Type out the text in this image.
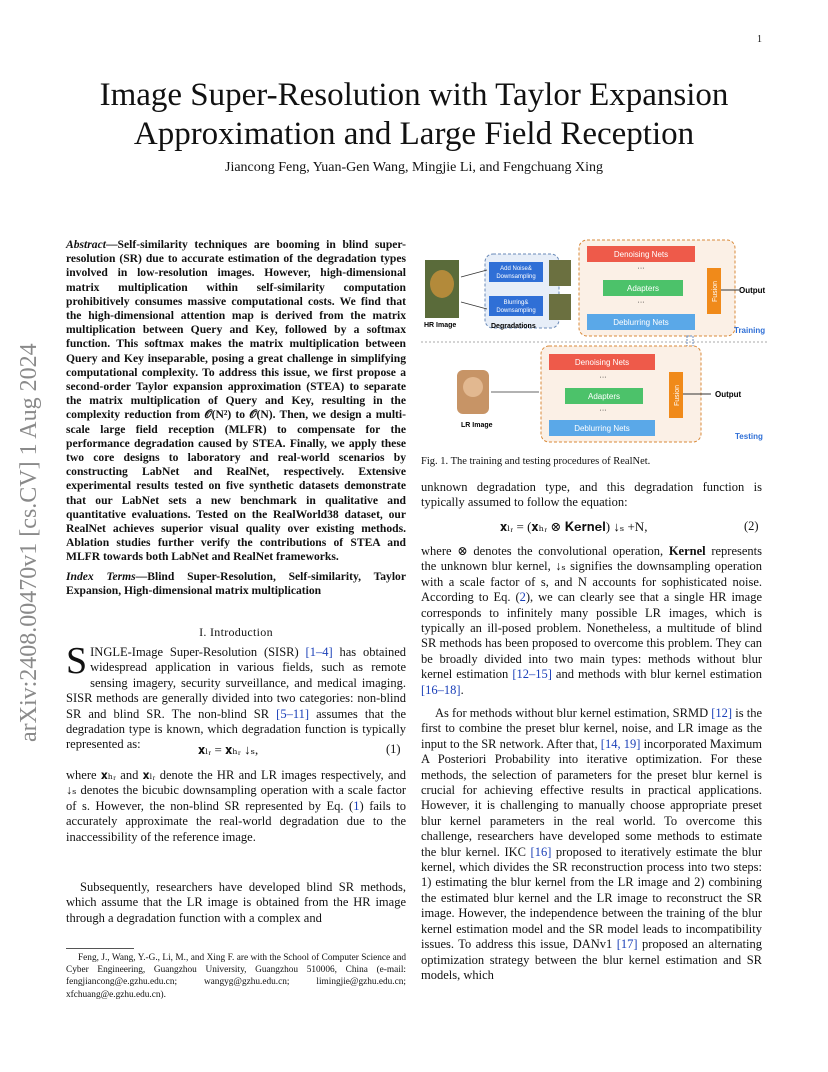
1
arXiv:2408.00470v1 [cs.CV] 1 Aug 2024
Image Super-Resolution with Taylor Expansion
Approximation and Large Field Reception
Jiancong Feng, Yuan-Gen Wang, Mingjie Li, and Fengchuang Xing
Abstract—Self-similarity techniques are booming in blind super-resolution (SR) due to accurate estimation of the degradation types involved in low-resolution images. However, high-dimensional matrix multiplication within self-similarity computation prohibitively consumes massive computational costs. We find that the high-dimensional attention map is derived from the matrix multiplication between Query and Key, followed by a softmax function. This softmax makes the matrix multiplication between Query and Key inseparable, posing a great challenge in simplifying computational complexity. To address this issue, we first propose a second-order Taylor expansion approximation (STEA) to separate the matrix multiplication of Query and Key, resulting in the complexity reduction from 𝒪(N²) to 𝒪(N). Then, we design a multi-scale large field reception (MLFR) to compensate for the performance degradation caused by STEA. Finally, we apply these two core designs to laboratory and real-world scenarios by constructing LabNet and RealNet, respectively. Extensive experimental results tested on five synthetic datasets demonstrate that our LabNet sets a new benchmark in qualitative and quantitative evaluations. Tested on the RealWorld38 dataset, our RealNet achieves superior visual quality over existing methods. Ablation studies further verify the contributions of STEA and MLFR towards both LabNet and RealNet frameworks.
Index Terms—Blind Super-Resolution, Self-similarity, Taylor Expansion, High-dimensional matrix multiplication
I. Introduction
SINGLE-Image Super-Resolution (SISR) [1–4] has obtained widespread application in various fields, such as remote sensing imagery, security surveillance, and medical imaging. SISR methods are generally divided into two categories: non-blind SR and blind SR. The non-blind SR [5–11] assumes that the degradation type is known, which degradation function is typically represented as:	𝐱ₗᵣ = 𝐱ₕᵣ ↓ₛ,	(1)
where 𝐱ₕᵣ and 𝐱ₗᵣ denote the HR and LR images respectively, and ↓ₛ denotes the bicubic downsampling operation with a scale factor of s. However, the non-blind SR represented by Eq. (1) fails to accurately approximate the real-world degradation due to the inaccessibility of the reference image.
Subsequently, researchers have developed blind SR methods, which assume that the LR image is obtained from the HR image through a degradation function with a complex and
Feng, J., Wang, Y.-G., Li, M., and Xing F. are with the School of Computer Science and Cyber Engineering, Guangzhou University, Guangzhou 510006, China (e-mail: fengjiancong@e.gzhu.edu.cn; wangyg@gzhu.edu.cn; limingjie@gzhu.edu.cn; xfchuang@e.gzhu.edu.cn).
Degradations
HR Image
Add Noise&
Downsampling
Blurring&
Downsampling
Denoising Nets
···
Adapters
···
Deblurring Nets
Fusion	Output
Training
LR Image
Denoising Nets
···
Adapters
···
Deblurring Nets
Fusion	Output
Testing
Fig. 1. The training and testing procedures of RealNet.
unknown degradation type, and this degradation function is typically assumed to follow the equation:
𝐱ₗᵣ = (𝐱ₕᵣ ⊗ 𝐊𝐞𝐫𝐧𝐞𝐥) ↓ₛ +N,	(2)
where ⊗ denotes the convolutional operation, Kernel represents the unknown blur kernel, ↓ₛ signifies the downsampling operation with a scale factor of s, and N accounts for sophisticated noise. According to Eq. (2), we can clearly see that a single HR image corresponds to infinitely many possible LR images, which is typically an ill-posed problem. Nonetheless, a multitude of blind SR methods has been proposed to overcome this problem. They can be broadly divided into two main types: methods without blur kernel estimation [12–15] and methods with blur kernel estimation [16–18].
As for methods without blur kernel estimation, SRMD [12] is the first to combine the preset blur kernel, noise, and LR image as the input to the SR network. After that, [14, 19] incorporated Maximum A Posteriori Probability into iterative optimization. For these methods, the selection of parameters for the preset blur kernel is crucial for achieving effective results in practical applications. However, it is challenging to manually choose appropriate preset blur kernel parameters in the real world. To overcome this challenge, researchers have developed some methods to estimate the blur kernel. IKC [16] proposed to iteratively estimate the blur kernel, which divides the SR reconstruction process into two steps: 1) estimating the blur kernel from the LR image and 2) combining the estimated blur kernel and the LR image to reconstruct the SR image. However, the independence between the training of the blur kernel estimation model and the SR model leads to incompatibility issues. To address this issue, DANv1 [17] proposed an alternating optimization strategy between the blur kernel estimation and SR models, which
